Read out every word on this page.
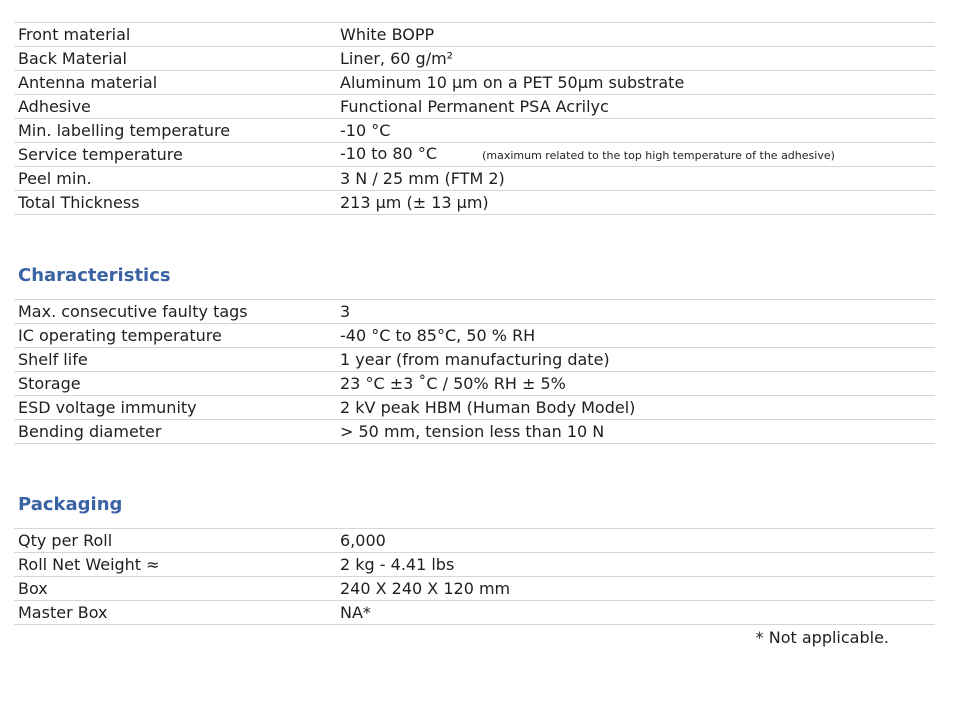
Front material	White BOPP
Back Material	Liner, 60 g/m²
Antenna material	Aluminum 10 µm on a PET 50µm substrate
Adhesive	Functional Permanent PSA Acrilyc
Min. labelling temperature	-10 °C
Service temperature	-10 to 80 °C	(maximum related to the top high temperature of the adhesive)
Peel min.	3 N / 25 mm (FTM 2)
Total Thickness	213 µm (± 13 µm)
Characteristics
Max. consecutive faulty tags	3
IC operating temperature	-40 °C to 85°C, 50 % RH
Shelf life	1 year (from manufacturing date)
Storage	23 °C ±3 ˚C / 50% RH ± 5%
ESD voltage immunity	2 kV peak HBM (Human Body Model)
Bending diameter	> 50 mm, tension less than 10 N
Packaging
Qty per Roll	6,000
Roll Net Weight ≈	2 kg - 4.41 lbs
Box	240 X 240 X 120 mm
Master Box	NA*
* Not applicable.
